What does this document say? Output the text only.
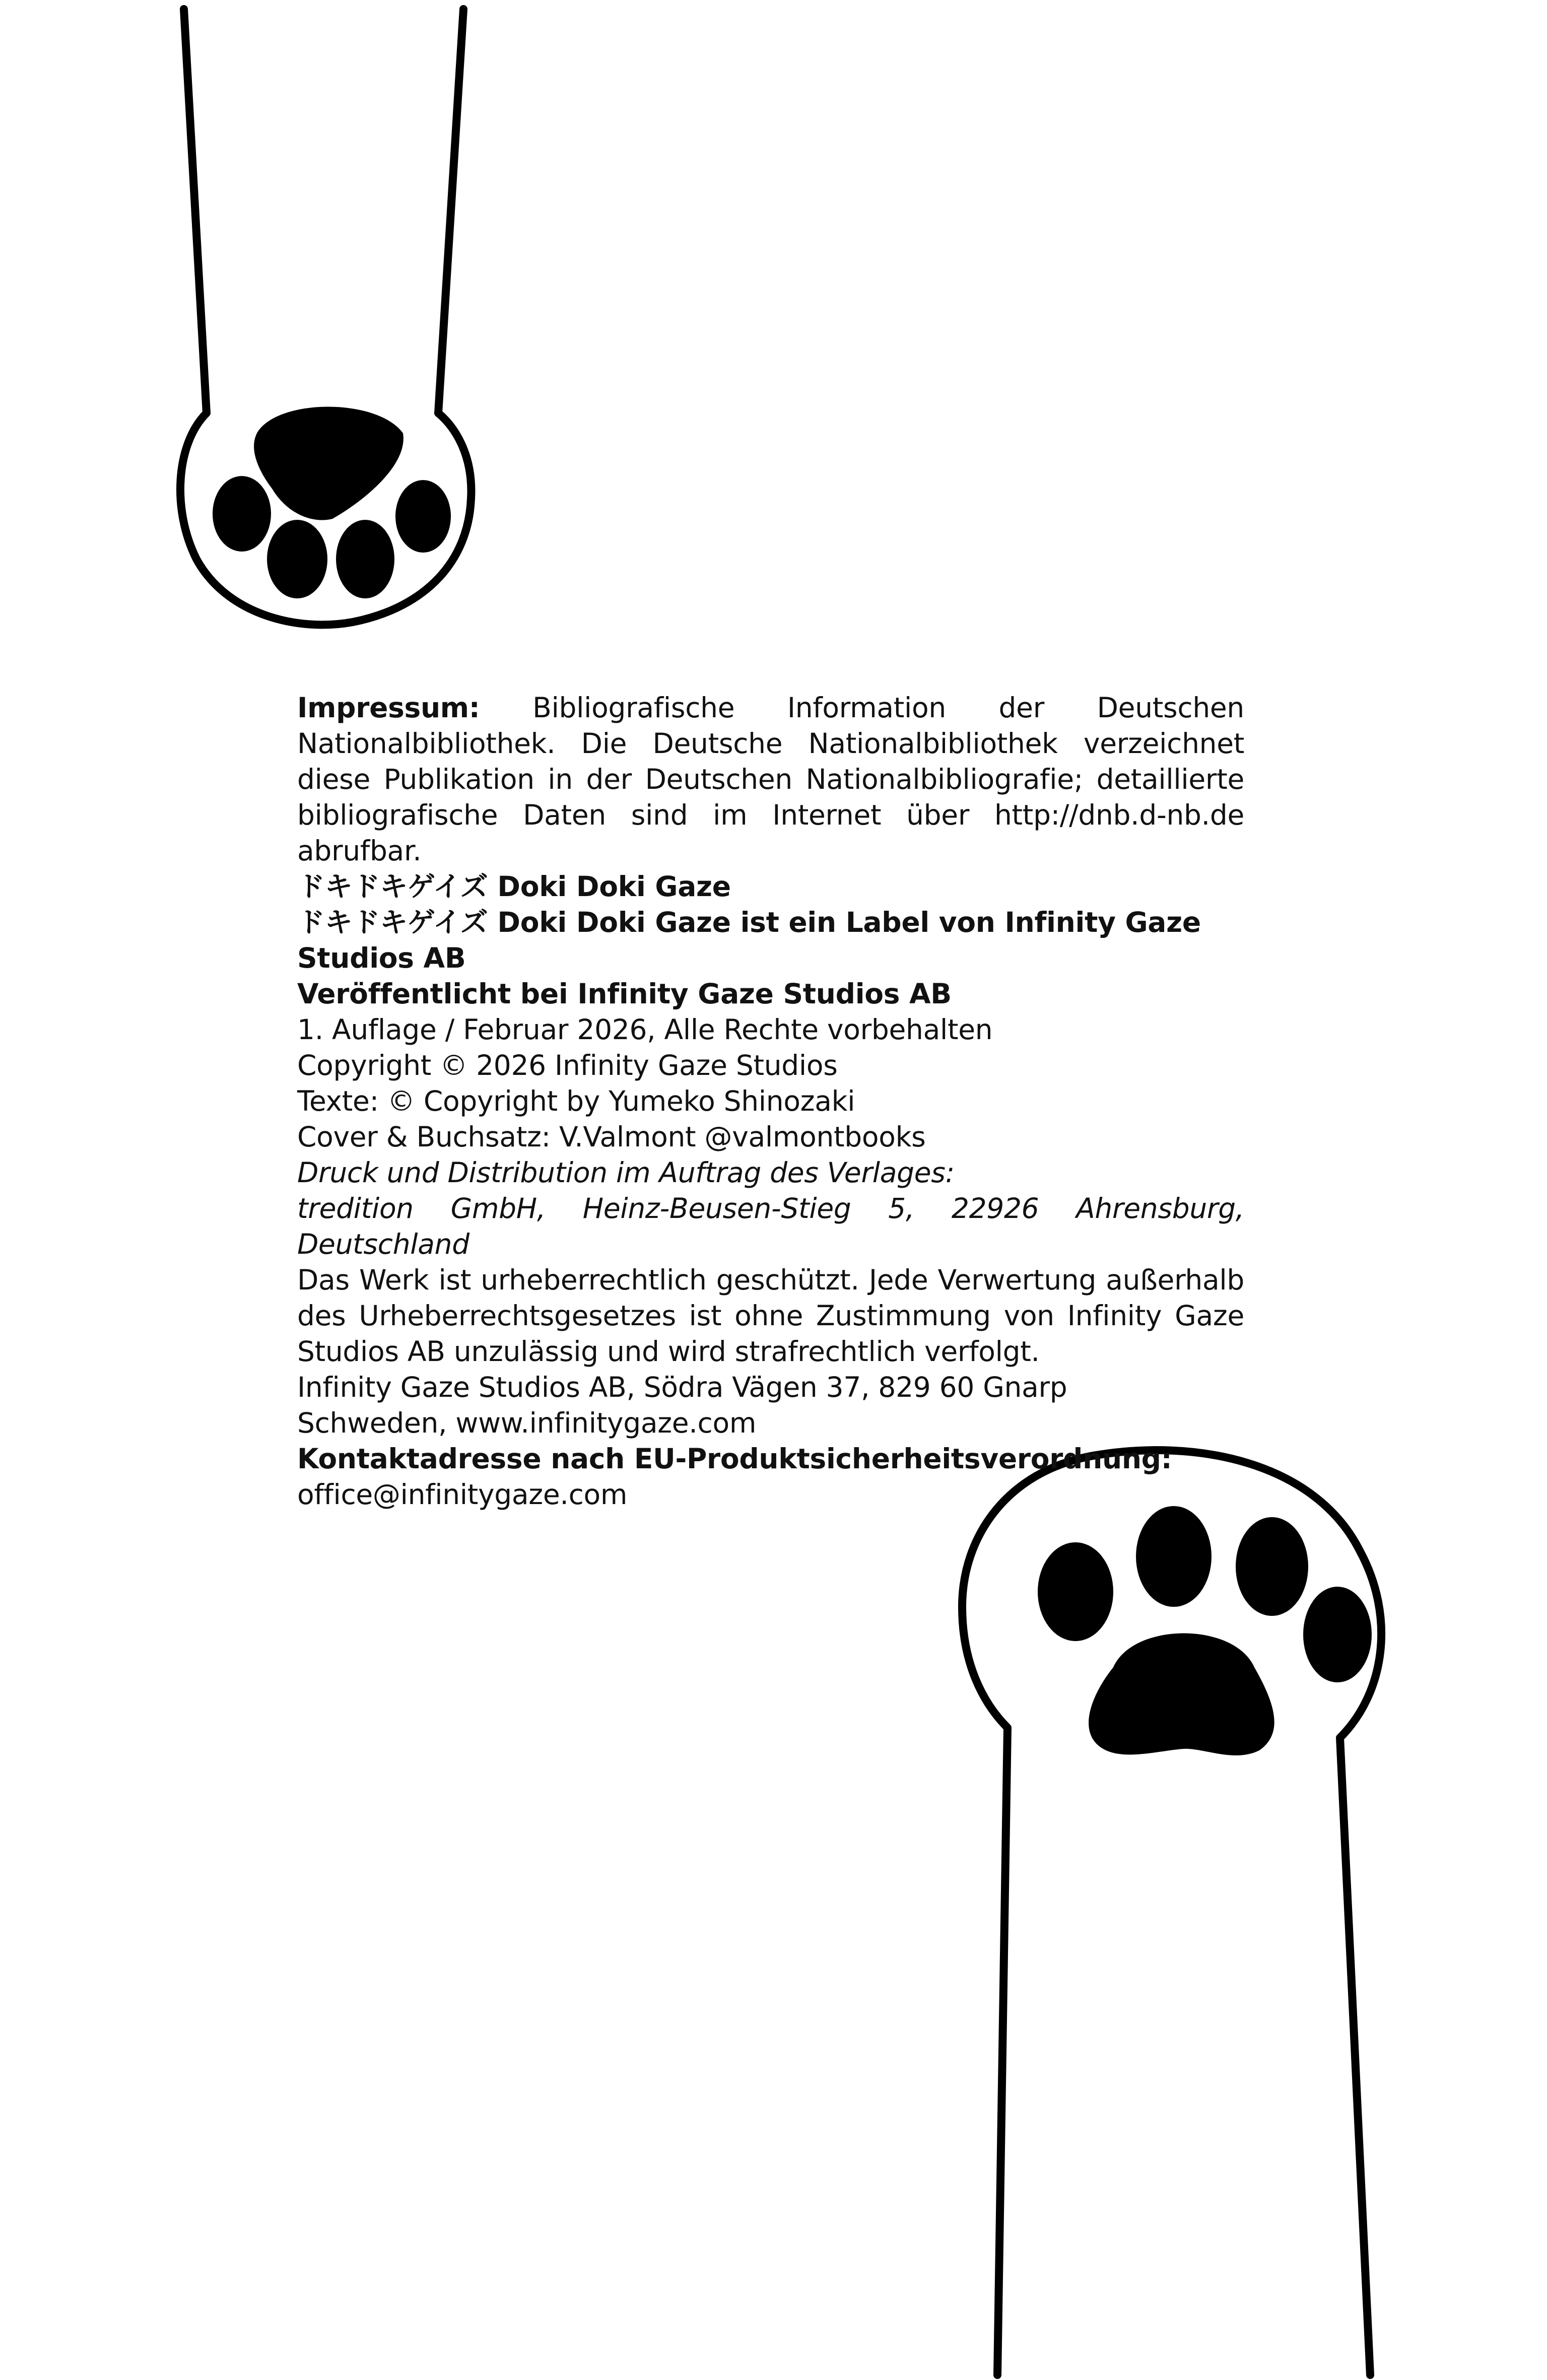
Impressum: Bibliografische Information der Deutschen Nationalbibliothek. Die Deutsche Nationalbibliothek verzeichnet diese Publikation in der Deutschen Nationalbibliografie; detaillierte bibliografische Daten sind im Internet über http://dnb.d-nb.de abrufbar.

ドキドキゲイズ Doki Doki Gaze

ドキドキゲイズ Doki Doki Gaze ist ein Label von Infinity Gaze Studios AB

Veröffentlicht bei Infinity Gaze Studios AB

1. Auflage / Februar 2026, Alle Rechte vorbehalten

Copyright © 2026 Infinity Gaze Studios

Texte: © Copyright by Yumeko Shinozaki

Cover & Buchsatz: V.Valmont @valmontbooks

Druck und Distribution im Auftrag des Verlages:

tredition GmbH, Heinz-Beusen-Stieg 5, 22926 Ahrensburg, Deutschland

Das Werk ist urheberrechtlich geschützt. Jede Verwertung außerhalb des Urheberrechtsgesetzes ist ohne Zustimmung von Infinity Gaze Studios AB unzulässig und wird strafrechtlich verfolgt.

Infinity Gaze Studios AB, Södra Vägen 37, 829 60 Gnarp

Schweden, www.infinitygaze.com

Kontaktadresse nach EU-Produktsicherheitsverordnung:

office@infinitygaze.com
